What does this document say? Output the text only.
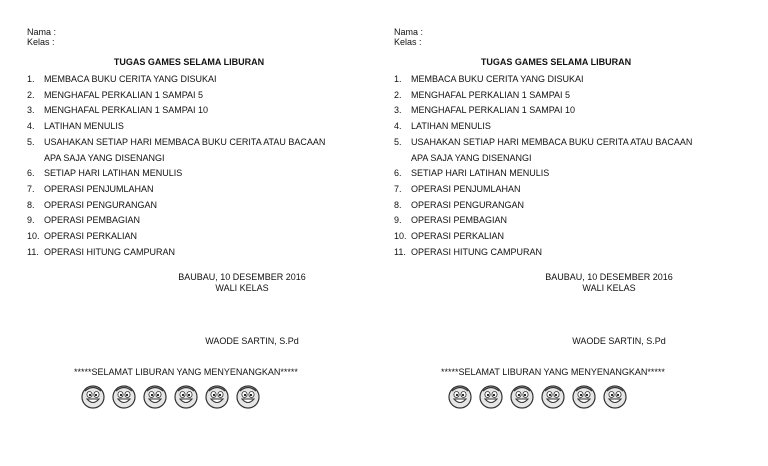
Nama :
Kelas :
TUGAS GAMES SELAMA LIBURAN
1.	MEMBACA BUKU CERITA YANG DISUKAI
2.	MENGHAFAL PERKALIAN 1 SAMPAI 5
3.	MENGHAFAL PERKALIAN 1 SAMPAI 10
4.	LATIHAN MENULIS
5.	USAHAKAN SETIAP HARI MEMBACA BUKU CERITA ATAU BACAAN APA SAJA YANG DISENANGI
6.	SETIAP HARI LATIHAN MENULIS
7.	OPERASI PENJUMLAHAN
8.	OPERASI PENGURANGAN
9.	OPERASI PEMBAGIAN
10. OPERASI PERKALIAN
11. OPERASI HITUNG CAMPURAN
BAUBAU, 10 DESEMBER 2016
WALI KELAS
WAODE SARTIN, S.Pd
*****SELAMAT LIBURAN YANG MENYENANGKAN*****
Nama :
Kelas :
TUGAS GAMES SELAMA LIBURAN
1.	MEMBACA BUKU CERITA YANG DISUKAI
2.	MENGHAFAL PERKALIAN 1 SAMPAI 5
3.	MENGHAFAL PERKALIAN 1 SAMPAI 10
4.	LATIHAN MENULIS
5.	USAHAKAN SETIAP HARI MEMBACA BUKU CERITA ATAU BACAAN APA SAJA YANG DISENANGI
6.	SETIAP HARI LATIHAN MENULIS
7.	OPERASI PENJUMLAHAN
8.	OPERASI PENGURANGAN
9.	OPERASI PEMBAGIAN
10. OPERASI PERKALIAN
11. OPERASI HITUNG CAMPURAN
BAUBAU, 10 DESEMBER 2016
WALI KELAS
WAODE SARTIN, S.Pd
*****SELAMAT LIBURAN YANG MENYENANGKAN*****
